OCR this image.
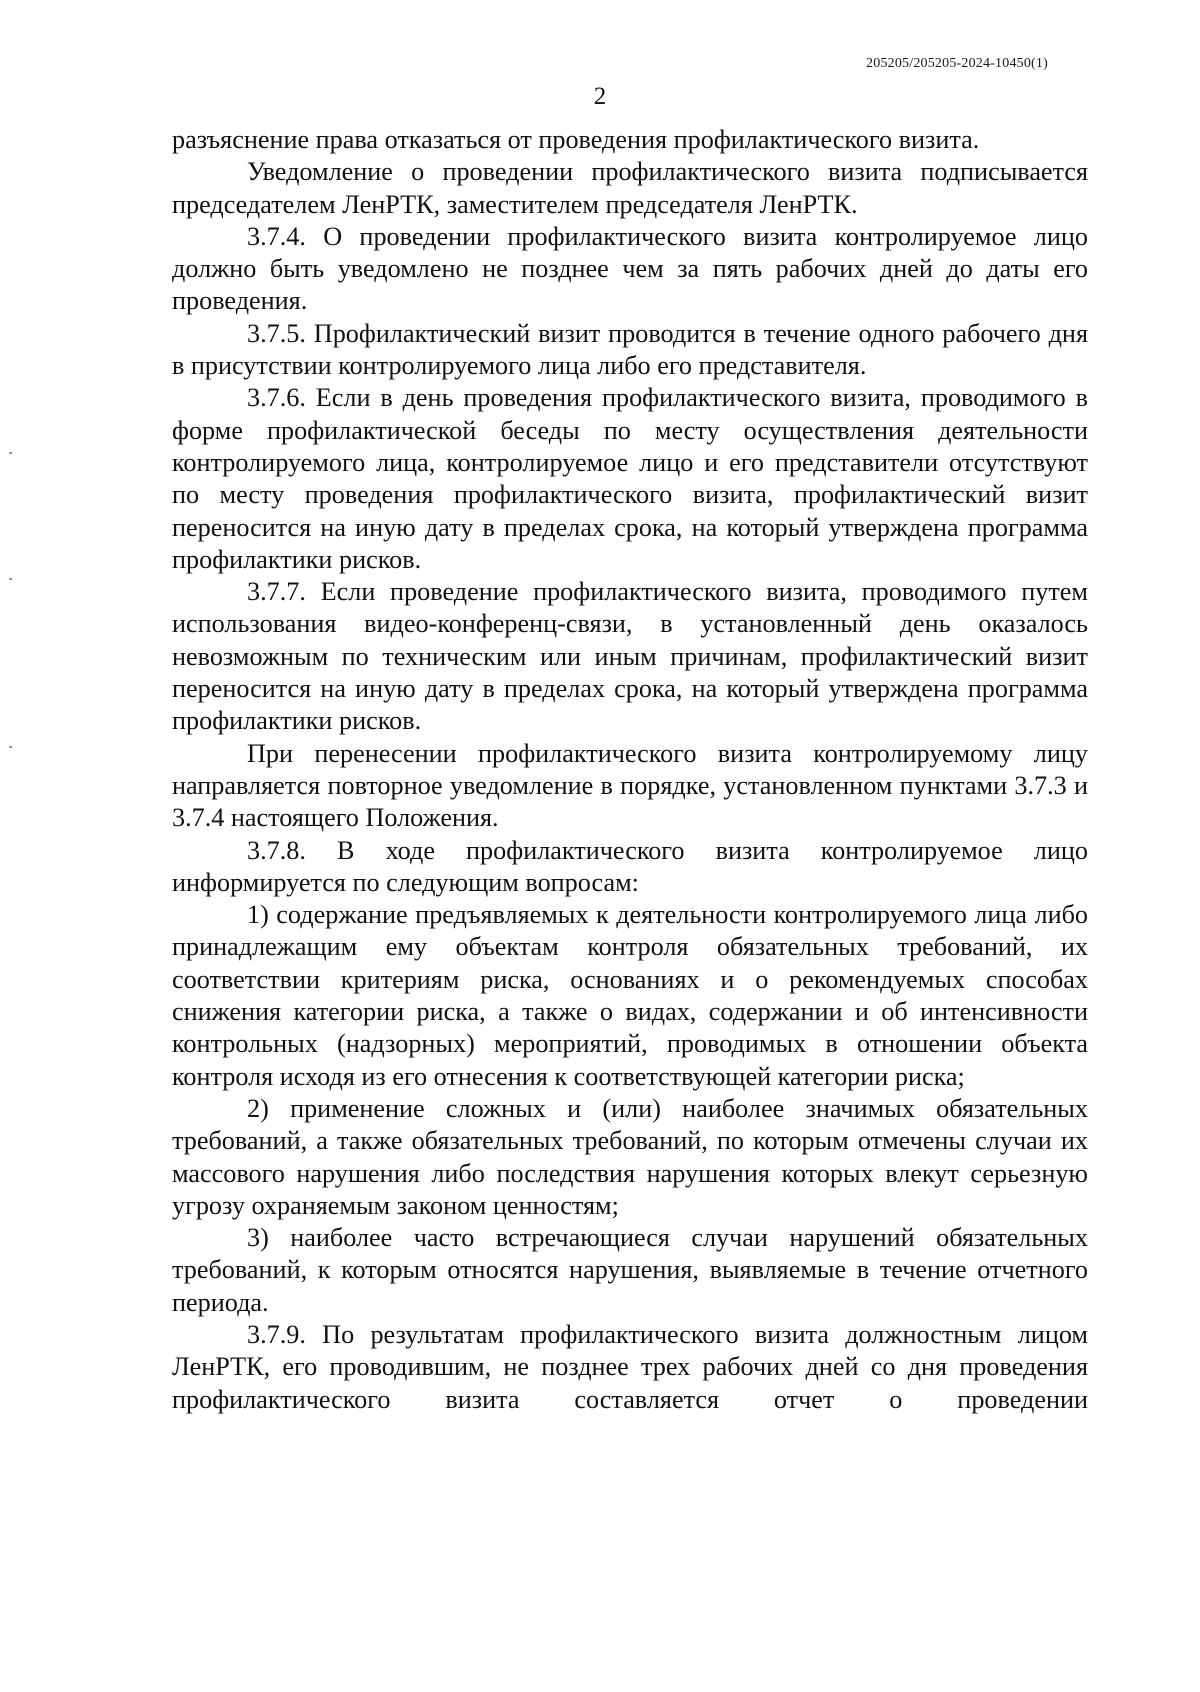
205205/205205-2024-10450(1)
2

разъяснение права отказаться от проведения профилактического визита.

Уведомление о проведении профилактического визита подписывается председателем ЛенРТК, заместителем председателя ЛенРТК.

3.7.4. О проведении профилактического визита контролируемое лицо должно быть уведомлено не позднее чем за пять рабочих дней до даты его проведения.

3.7.5. Профилактический визит проводится в течение одного рабочего дня в присутствии контролируемого лица либо его представителя.

3.7.6. Если в день проведения профилактического визита, проводимого в форме профилактической беседы по месту осуществления деятельности контролируемого лица, контролируемое лицо и его представители отсутствуют по месту проведения профилактического визита, профилактический визит переносится на иную дату в пределах срока, на который утверждена программа профилактики рисков.

3.7.7. Если проведение профилактического визита, проводимого путем использования видео-конференц-связи, в установленный день оказалось невозможным по техническим или иным причинам, профилактический визит переносится на иную дату в пределах срока, на который утверждена программа профилактики рисков.

При перенесении профилактического визита контролируемому лицу направляется повторное уведомление в порядке, установленном пунктами 3.7.3 и 3.7.4 настоящего Положения.

3.7.8. В ходе профилактического визита контролируемое лицо информируется по следующим вопросам:

1) содержание предъявляемых к деятельности контролируемого лица либо принадлежащим ему объектам контроля обязательных требований, их соответствии критериям риска, основаниях и о рекомендуемых способах снижения категории риска, а также о видах, содержании и об интенсивности контрольных (надзорных) мероприятий, проводимых в отношении объекта контроля исходя из его отнесения к соответствующей категории риска;

2) применение сложных и (или) наиболее значимых обязательных требований, а также обязательных требований, по которым отмечены случаи их массового нарушения либо последствия нарушения которых влекут серьезную угрозу охраняемым законом ценностям;

3) наиболее часто встречающиеся случаи нарушений обязательных требований, к которым относятся нарушения, выявляемые в течение отчетного периода.

3.7.9. По результатам профилактического визита должностным лицом ЛенРТК, его проводившим, не позднее трех рабочих дней со дня проведения профилактического визита составляется отчет о проведении
